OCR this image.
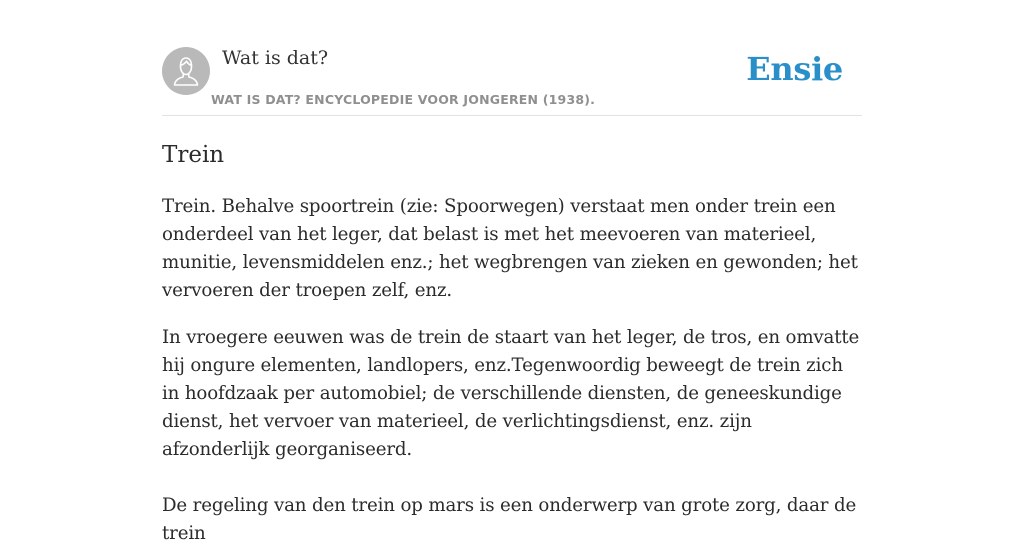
Wat is dat?
WAT IS DAT? ENCYCLOPEDIE VOOR JONGEREN (1938).
Ensie
Trein

Trein. Behalve spoortrein (zie: Spoorwegen) verstaat men onder trein een onderdeel van het leger, dat belast is met het meevoeren van materieel, munitie, levensmiddelen enz.; het wegbrengen van zieken en gewonden; het vervoeren der troepen zelf, enz.

In vroegere eeuwen was de trein de staart van het leger, de tros, en omvatte hij ongure elementen, landlopers, enz.Tegenwoordig beweegt de trein zich in hoofdzaak per automobiel; de verschillende diensten, de geneeskundige dienst, het vervoer van materieel, de verlichtingsdienst, enz. zijn afzonderlijk georganiseerd.

De regeling van den trein op mars is een onderwerp van grote zorg, daar de trein
